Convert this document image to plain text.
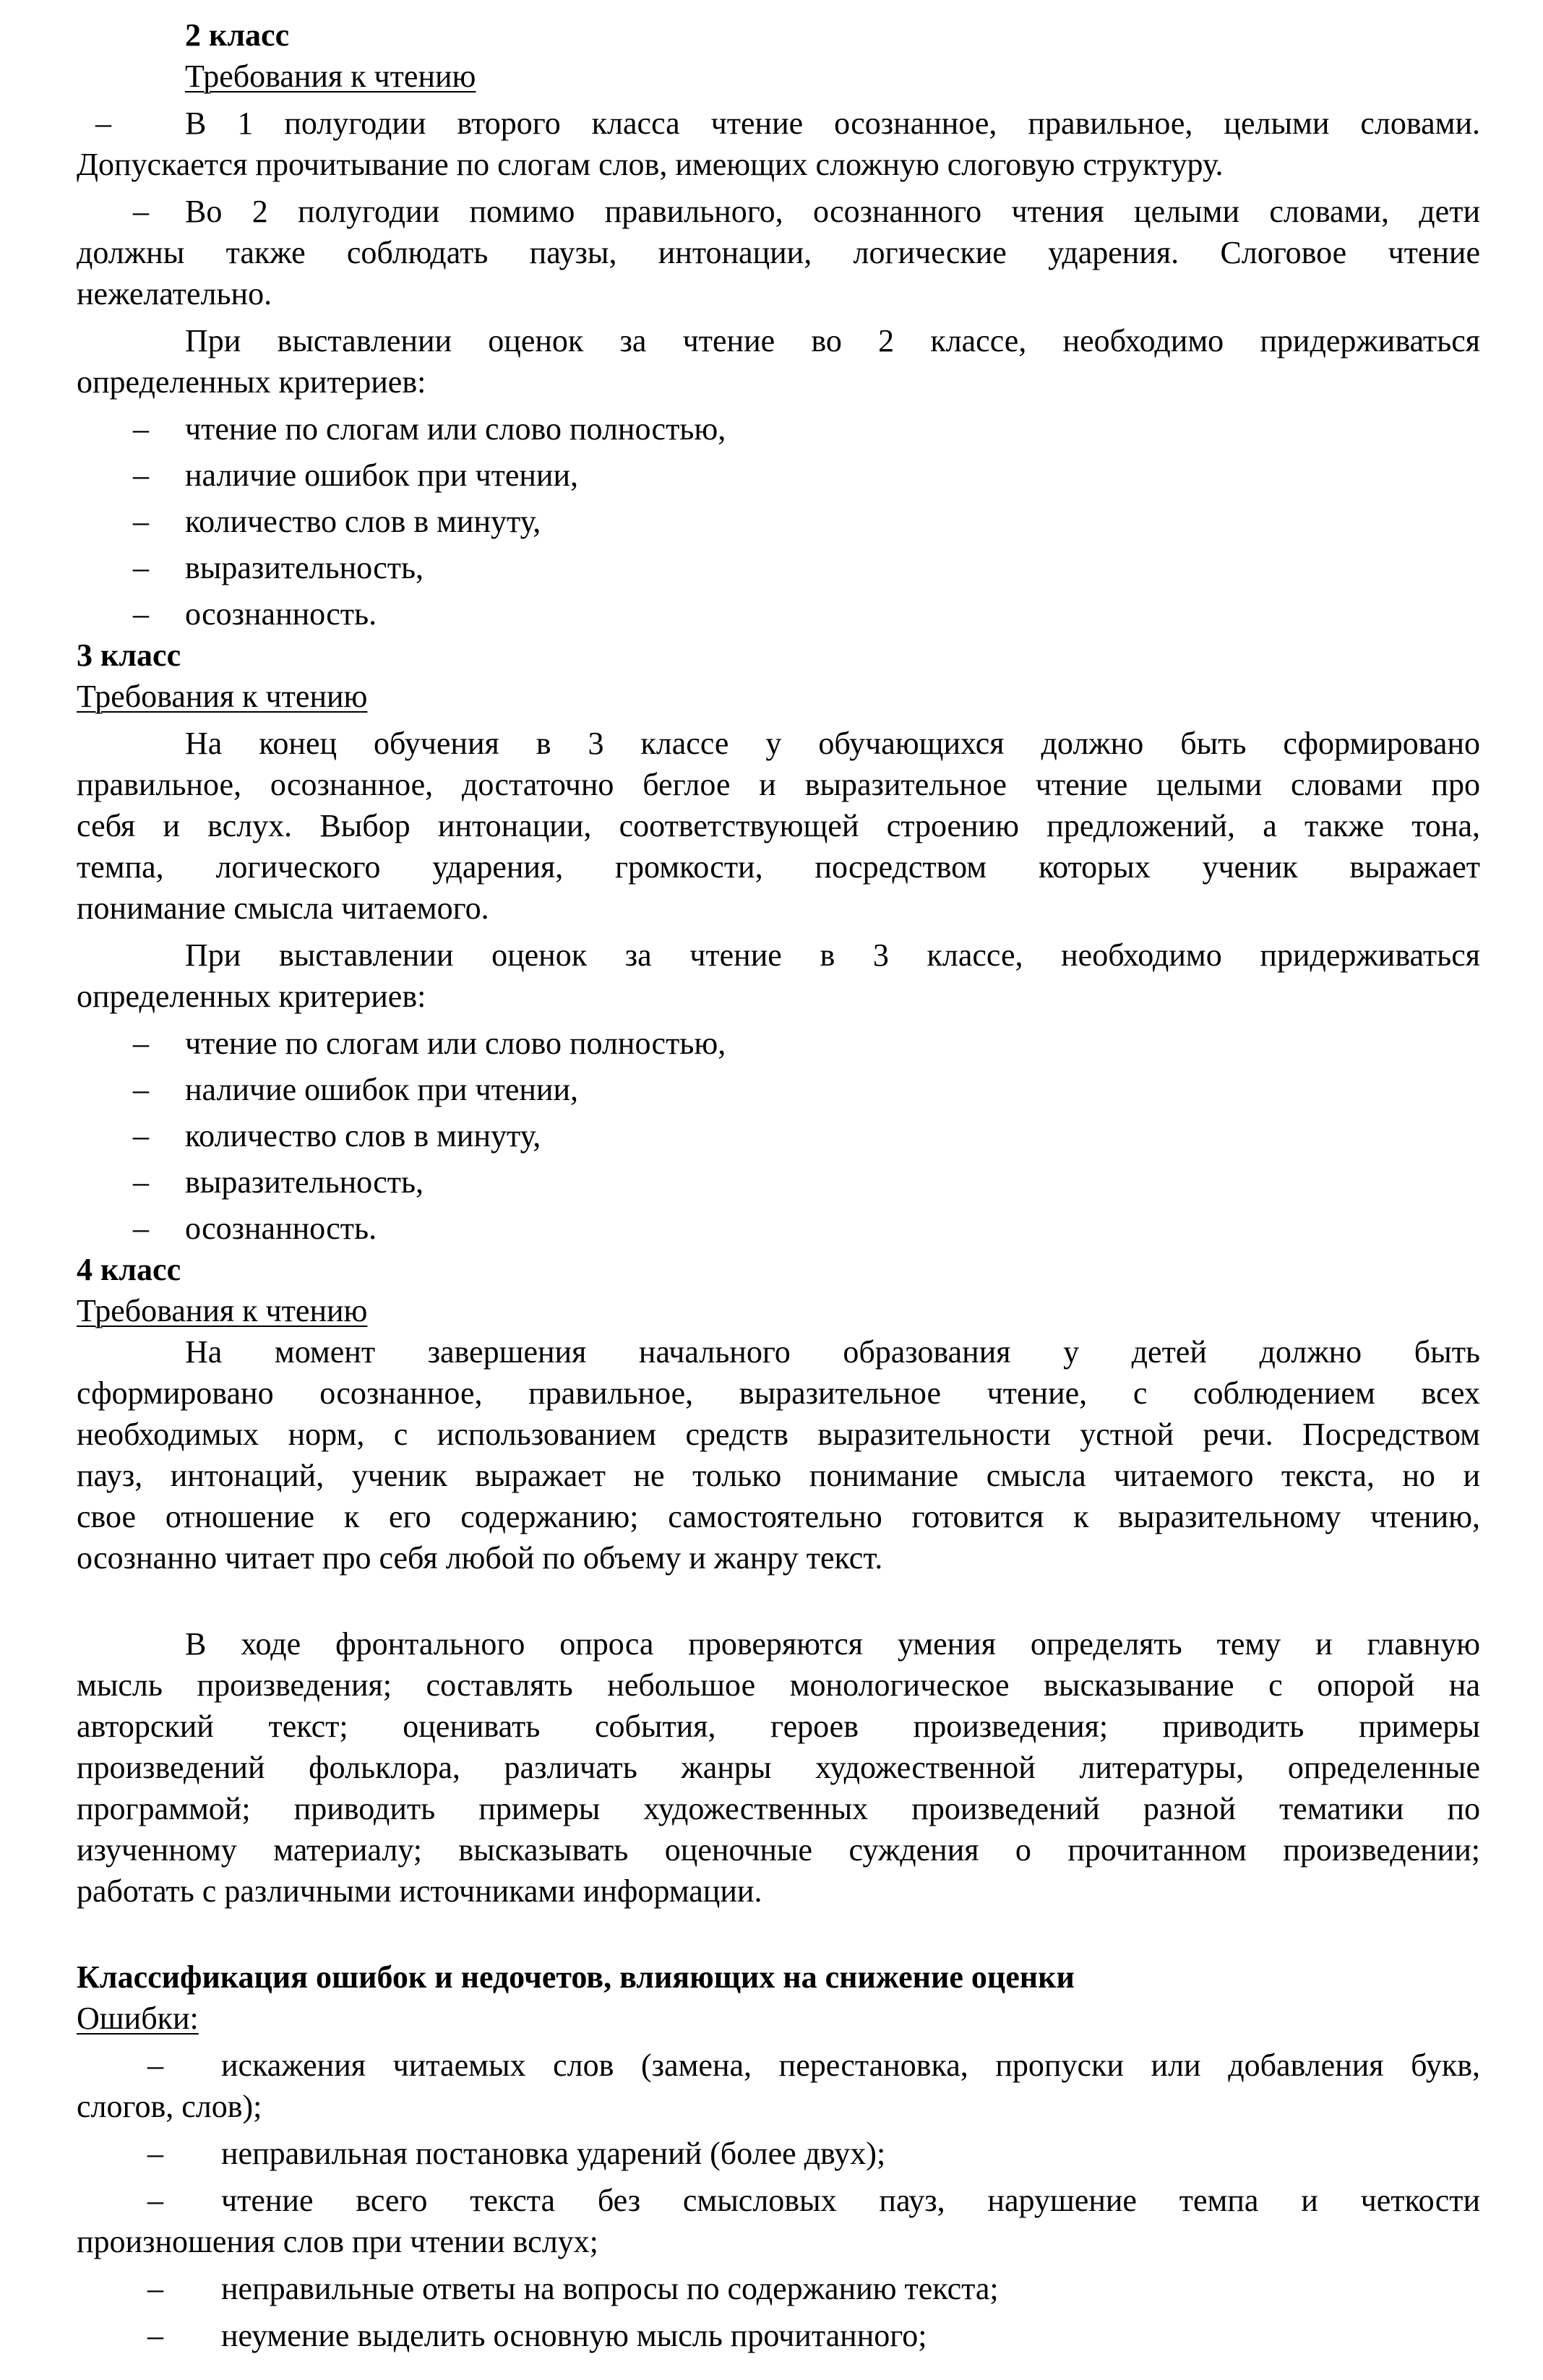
2 класс
Требования к чтению
– В 1 полугодии второго класса чтение осознанное, правильное, целыми словами.
Допускается прочитывание по слогам слов, имеющих сложную слоговую структуру.
– Во 2 полугодии помимо правильного, осознанного чтения целыми словами, дети
должны также соблюдать паузы, интонации, логические ударения. Слоговое чтение
нежелательно.
При выставлении оценок за чтение во 2 классе, необходимо придерживаться
определенных критериев:
– чтение по слогам или слово полностью,
– наличие ошибок при чтении,
– количество слов в минуту,
– выразительность,
– осознанность.
3 класс
Требования к чтению
На конец обучения в 3 классе у обучающихся должно быть сформировано
правильное, осознанное, достаточно беглое и выразительное чтение целыми словами про
себя и вслух. Выбор интонации, соответствующей строению предложений, а также тона,
темпа, логического ударения, громкости, посредством которых ученик выражает
понимание смысла читаемого.
При выставлении оценок за чтение в 3 классе, необходимо придерживаться
определенных критериев:
– чтение по слогам или слово полностью,
– наличие ошибок при чтении,
– количество слов в минуту,
– выразительность,
– осознанность.
4 класс
Требования к чтению
На момент завершения начального образования у детей должно быть
сформировано осознанное, правильное, выразительное чтение, с соблюдением всех
необходимых норм, с использованием средств выразительности устной речи. Посредством
пауз, интонаций, ученик выражает не только понимание смысла читаемого текста, но и
свое отношение к его содержанию; самостоятельно готовится к выразительному чтению,
осознанно читает про себя любой по объему и жанру текст.
В ходе фронтального опроса проверяются умения определять тему и главную
мысль произведения; составлять небольшое монологическое высказывание с опорой на
авторский текст; оценивать события, героев произведения; приводить примеры
произведений фольклора, различать жанры художественной литературы, определенные
программой; приводить примеры художественных произведений разной тематики по
изученному материалу; высказывать оценочные суждения о прочитанном произведении;
работать с различными источниками информации.
Классификация ошибок и недочетов, влияющих на снижение оценки
Ошибки:
– искажения читаемых слов (замена, перестановка, пропуски или добавления букв,
слогов, слов);
– неправильная постановка ударений (более двух);
– чтение всего текста без смысловых пауз, нарушение темпа и четкости
произношения слов при чтении вслух;
– неправильные ответы на вопросы по содержанию текста;
– неумение выделить основную мысль прочитанного;
